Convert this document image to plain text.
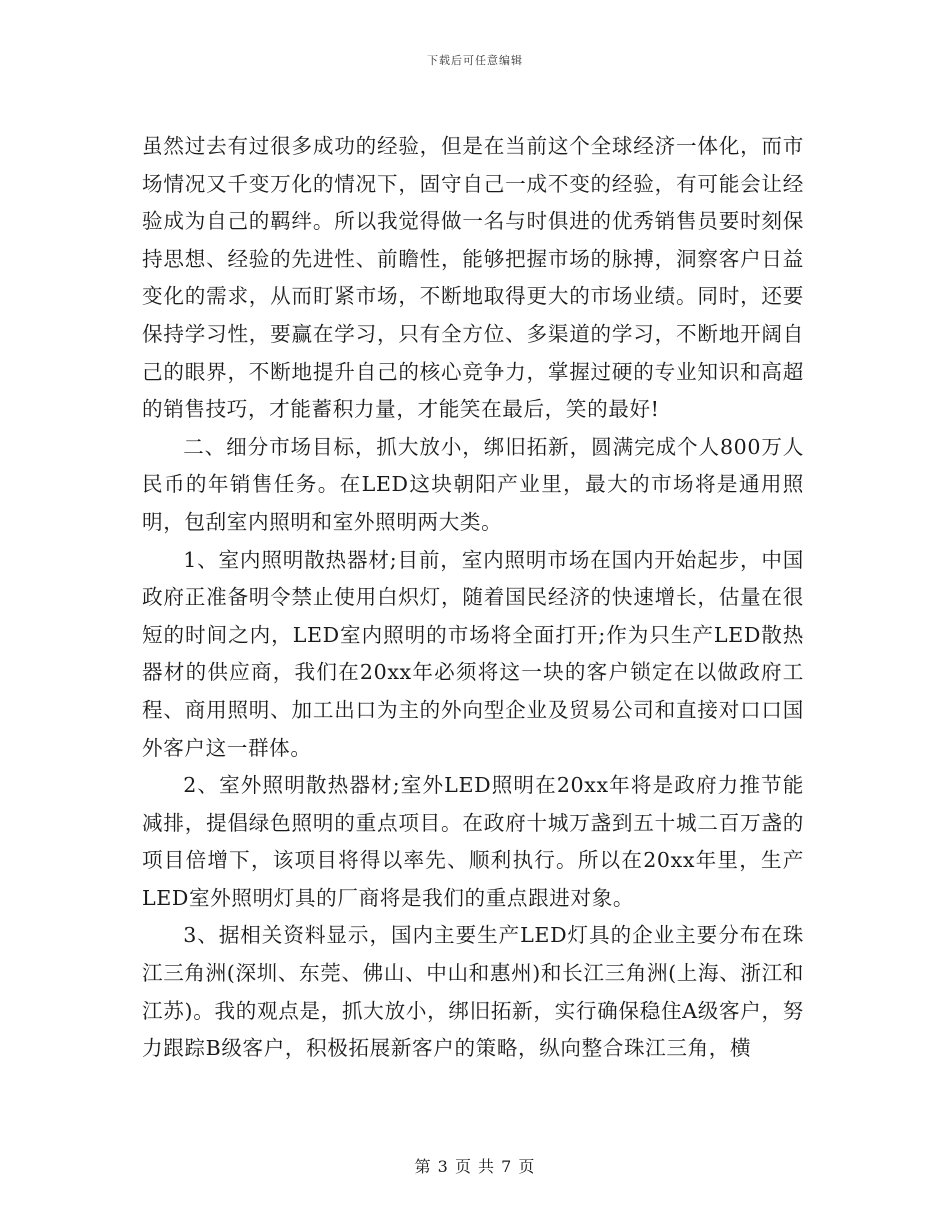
下载后可任意编辑

虽然过去有过很多成功的经验，但是在当前这个全球经济一体化，而市场情况又千变万化的情况下，固守自己一成不变的经验，有可能会让经验成为自己的羁绊。所以我觉得做一名与时俱进的优秀销售员要时刻保持思想、经验的先进性、前瞻性，能够把握市场的脉搏，洞察客户日益变化的需求，从而盯紧市场，不断地取得更大的市场业绩。同时，还要保持学习性，要赢在学习，只有全方位、多渠道的学习，不断地开阔自己的眼界，不断地提升自己的核心竞争力，掌握过硬的专业知识和高超的销售技巧，才能蓄积力量，才能笑在最后，笑的最好!

二、细分市场目标，抓大放小，绑旧拓新，圆满完成个人800万人民币的年销售任务。在LED这块朝阳产业里，最大的市场将是通用照明，包刮室内照明和室外照明两大类。

1、室内照明散热器材;目前，室内照明市场在国内开始起步，中国政府正准备明令禁止使用白炽灯，随着国民经济的快速增长，估量在很短的时间之内，LED室内照明的市场将全面打开;作为只生产LED散热器材的供应商，我们在20xx年必须将这一块的客户锁定在以做政府工程、商用照明、加工出口为主的外向型企业及贸易公司和直接对口口国外客户这一群体。

2、室外照明散热器材;室外LED照明在20xx年将是政府力推节能减排，提倡绿色照明的重点项目。在政府十城万盏到五十城二百万盏的项目倍增下，该项目将得以率先、顺利执行。所以在20xx年里，生产LED室外照明灯具的厂商将是我们的重点跟进对象。

3、据相关资料显示，国内主要生产LED灯具的企业主要分布在珠江三角洲(深圳、东莞、佛山、中山和惠州)和长江三角洲(上海、浙江和江苏)。我的观点是，抓大放小，绑旧拓新，实行确保稳住A级客户，努力跟踪B级客户，积极拓展新客户的策略，纵向整合珠江三角，横

第 3 页 共 7 页
